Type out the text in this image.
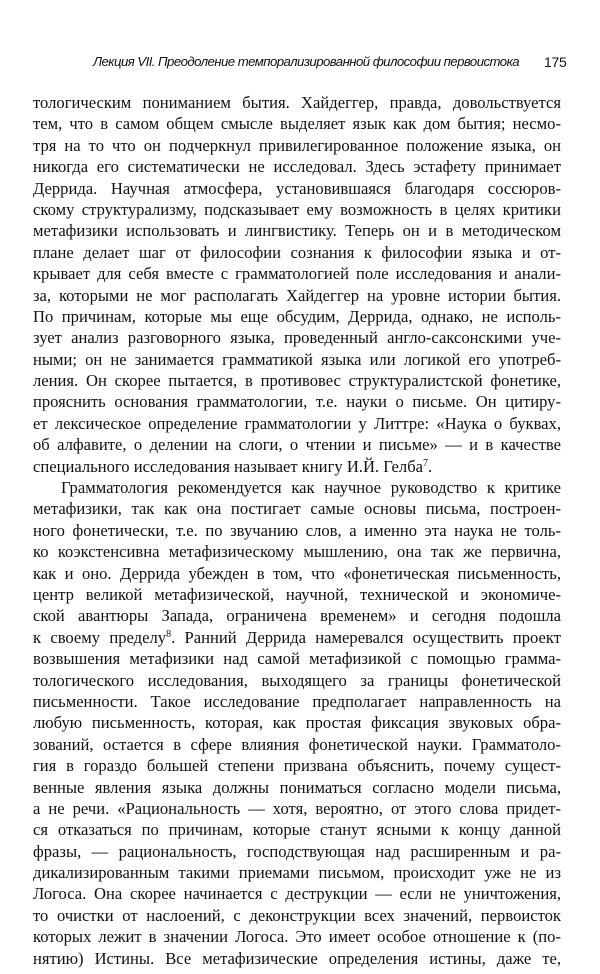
Лекция VII. Преодоление темпорализированной философии первоистока 175
тологическим пониманием бытия. Хайдеггер, правда, довольствуется
тем, что в самом общем смысле выделяет язык как дом бытия; несмо-
тря на то что он подчеркнул привилегированное положение языка, он
никогда его систематически не исследовал. Здесь эстафету принимает
Деррида. Научная атмосфера, установившаяся благодаря соссюров-
скому структурализму, подсказывает ему возможность в целях критики
метафизики использовать и лингвистику. Теперь он и в методическом
плане делает шаг от философии сознания к философии языка и от-
крывает для себя вместе с грамматологией поле исследования и анали-
за, которыми не мог располагать Хайдеггер на уровне истории бытия.
По причинам, которые мы еще обсудим, Деррида, однако, не исполь-
зует анализ разговорного языка, проведенный англо-саксонскими уче-
ными; он не занимается грамматикой языка или логикой его употреб-
ления. Он скорее пытается, в противовес структуралистской фонетике,
прояснить основания грамматологии, т.е. науки о письме. Он цитиру-
ет лексическое определение грамматологии у Литтре: «Наука о буквах,
об алфавите, о делении на слоги, о чтении и письме» — и в качестве
специального исследования называет книгу И.Й. Гелба$^7$.
Грамматология рекомендуется как научное руководство к критике
метафизики, так как она постигает самые основы письма, построен-
ного фонетически, т.е. по звучанию слов, а именно эта наука не толь-
ко коэкстенсивна метафизическому мышлению, она так же первична,
как и оно. Деррида убежден в том, что «фонетическая письменность,
центр великой метафизической, научной, технической и экономиче-
ской авантюры Запада, ограничена временем» и сегодня подошла
к своему пределу$^8$. Ранний Деррида намеревался осуществить проект
возвышения метафизики над самой метафизикой с помощью грамма-
тологического исследования, выходящего за границы фонетической
письменности. Такое исследование предполагает направленность на
любую письменность, которая, как простая фиксация звуковых обра-
зований, остается в сфере влияния фонетической науки. Грамматоло-
гия в гораздо большей степени призвана объяснить, почему сущест-
венные явления языка должны пониматься согласно модели письма,
а не речи. «Рациональность — хотя, вероятно, от этого слова придет-
ся отказаться по причинам, которые станут ясными к концу данной
фразы, — рациональность, господствующая над расширенным и ра-
дикализированным такими приемами письмом, происходит уже не из
Логоса. Она скорее начинается с деструкции — если не уничтожения,
то очистки от наслоений, с деконструкции всех значений, первоисток
которых лежит в значении Логоса. Это имеет особое отношение к (по-
нятию) Истины. Все метафизические определения истины, даже те,
